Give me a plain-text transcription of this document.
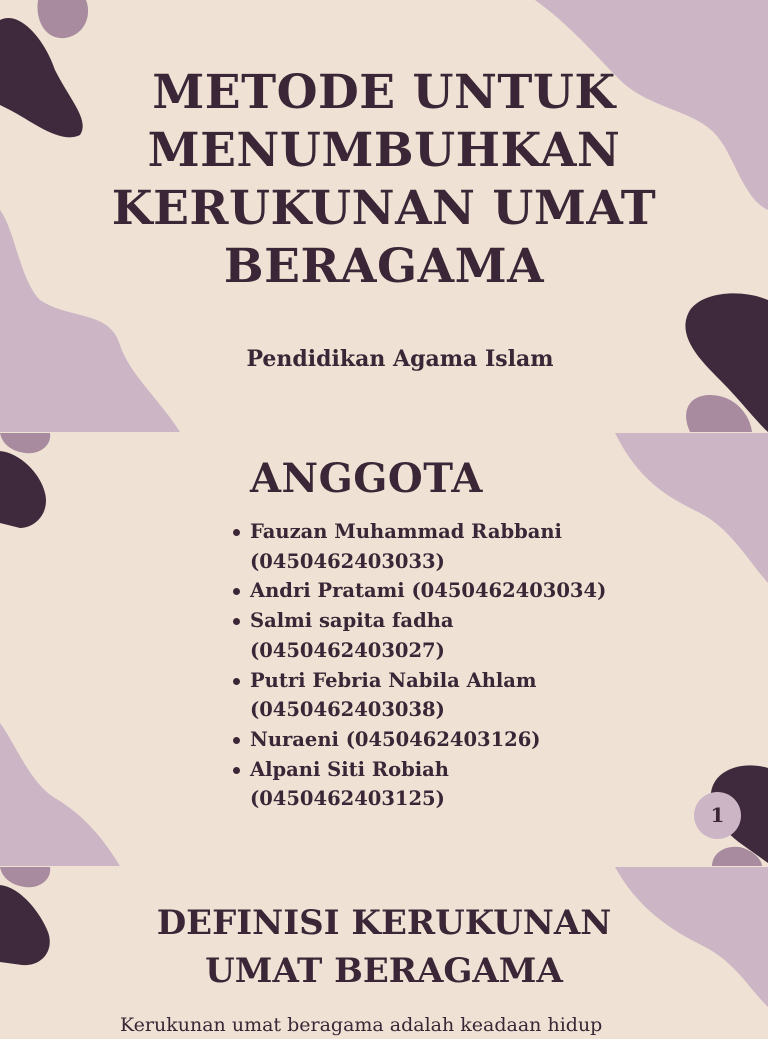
METODE UNTUK MENUMBUHKAN KERUKUNAN UMAT BERAGAMA
Pendidikan Agama Islam
ANGGOTA
Fauzan Muhammad Rabbani (0450462403033)
Andri Pratami (0450462403034)
Salmi sapita fadha (0450462403027)
Putri Febria Nabila Ahlam (0450462403038)
Nuraeni (0450462403126)
Alpani Siti Robiah (0450462403125)
1
DEFINISI KERUKUNAN UMAT BERAGAMA
Kerukunan umat beragama adalah keadaan hidup
